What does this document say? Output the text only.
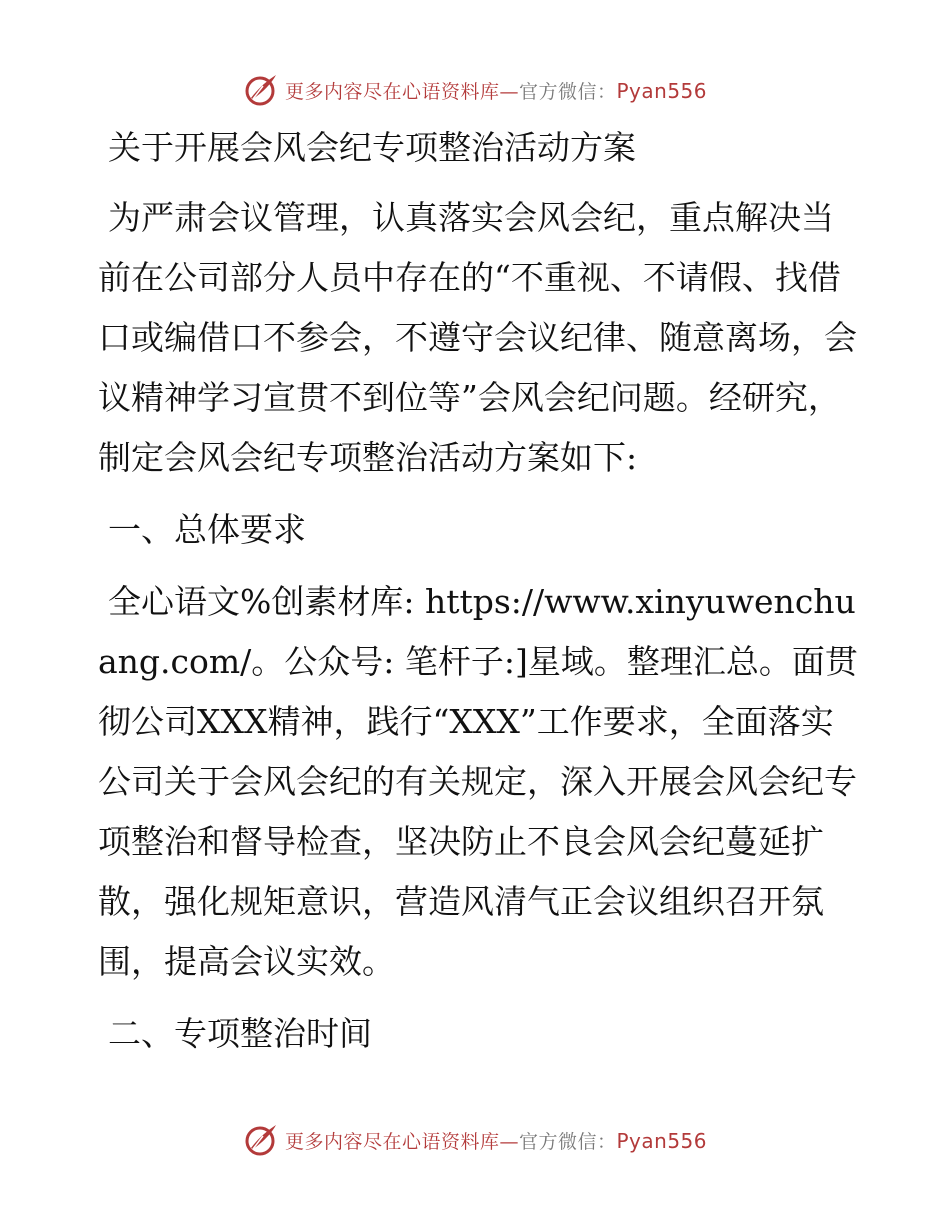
更多内容尽在心语资料库—官方微信：Pyan556

关于开展会风会纪专项整治活动方案

为严肃会议管理，认真落实会风会纪，重点解决当前在公司部分人员中存在的“不重视、不请假、找借口或编借口不参会，不遵守会议纪律、随意离场，会议精神学习宣贯不到位等”会风会纪问题。经研究，制定会风会纪专项整治活动方案如下:

一、总体要求

全心语文%创素材库: https://www.xinyuwenchuang.com/。公众号: 笔杆子:]星域。整理汇总。面贯彻公司XXX精神，践行“XXX”工作要求，全面落实公司关于会风会纪的有关规定，深入开展会风会纪专项整治和督导检查，坚决防止不良会风会纪蔓延扩散，强化规矩意识，营造风清气正会议组织召开氛围，提高会议实效。

二、专项整治时间

更多内容尽在心语资料库—官方微信：Pyan556
